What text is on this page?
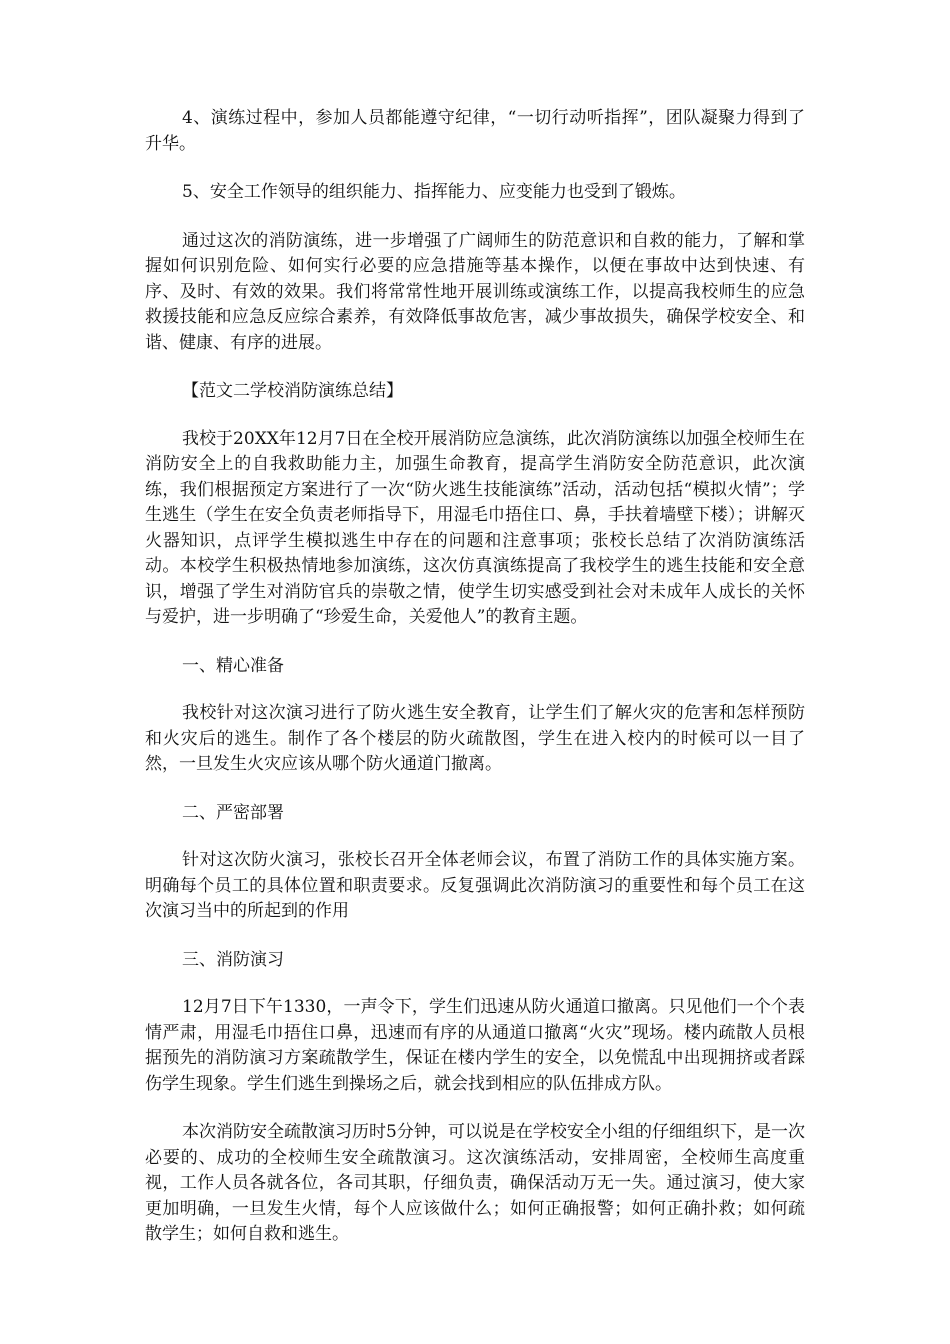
4、演练过程中，参加人员都能遵守纪律，“一切行动听指挥”，团队凝聚力得到了升华。

5、安全工作领导的组织能力、指挥能力、应变能力也受到了锻炼。

通过这次的消防演练，进一步增强了广阔师生的防范意识和自救的能力，了解和掌握如何识别危险、如何实行必要的应急措施等基本操作，以便在事故中达到快速、有序、及时、有效的效果。我们将常常性地开展训练或演练工作，以提高我校师生的应急救援技能和应急反应综合素养，有效降低事故危害，减少事故损失，确保学校安全、和谐、健康、有序的进展。

【范文二学校消防演练总结】

我校于20XX年12月7日在全校开展消防应急演练，此次消防演练以加强全校师生在消防安全上的自我救助能力主，加强生命教育，提高学生消防安全防范意识，此次演练，我们根据预定方案进行了一次“防火逃生技能演练”活动，活动包括“模拟火情”；学生逃生（学生在安全负责老师指导下，用湿毛巾捂住口、鼻，手扶着墙壁下楼）；讲解灭火器知识，点评学生模拟逃生中存在的问题和注意事项；张校长总结了次消防演练活动。本校学生积极热情地参加演练，这次仿真演练提高了我校学生的逃生技能和安全意识，增强了学生对消防官兵的崇敬之情，使学生切实感受到社会对未成年人成长的关怀与爱护，进一步明确了“珍爱生命，关爱他人”的教育主题。

一、精心准备

我校针对这次演习进行了防火逃生安全教育，让学生们了解火灾的危害和怎样预防和火灾后的逃生。制作了各个楼层的防火疏散图，学生在进入校内的时候可以一目了然，一旦发生火灾应该从哪个防火通道门撤离。

二、严密部署

针对这次防火演习，张校长召开全体老师会议，布置了消防工作的具体实施方案。明确每个员工的具体位置和职责要求。反复强调此次消防演习的重要性和每个员工在这次演习当中的所起到的作用

三、消防演习

12月7日下午1330，一声令下，学生们迅速从防火通道口撤离。只见他们一个个表情严肃，用湿毛巾捂住口鼻，迅速而有序的从通道口撤离“火灾”现场。楼内疏散人员根据预先的消防演习方案疏散学生，保证在楼内学生的安全，以免慌乱中出现拥挤或者踩伤学生现象。学生们逃生到操场之后，就会找到相应的队伍排成方队。

本次消防安全疏散演习历时5分钟，可以说是在学校安全小组的仔细组织下，是一次必要的、成功的全校师生安全疏散演习。这次演练活动，安排周密，全校师生高度重视，工作人员各就各位，各司其职，仔细负责，确保活动万无一失。通过演习，使大家更加明确，一旦发生火情，每个人应该做什么；如何正确报警；如何正确扑救；如何疏散学生；如何自救和逃生。
